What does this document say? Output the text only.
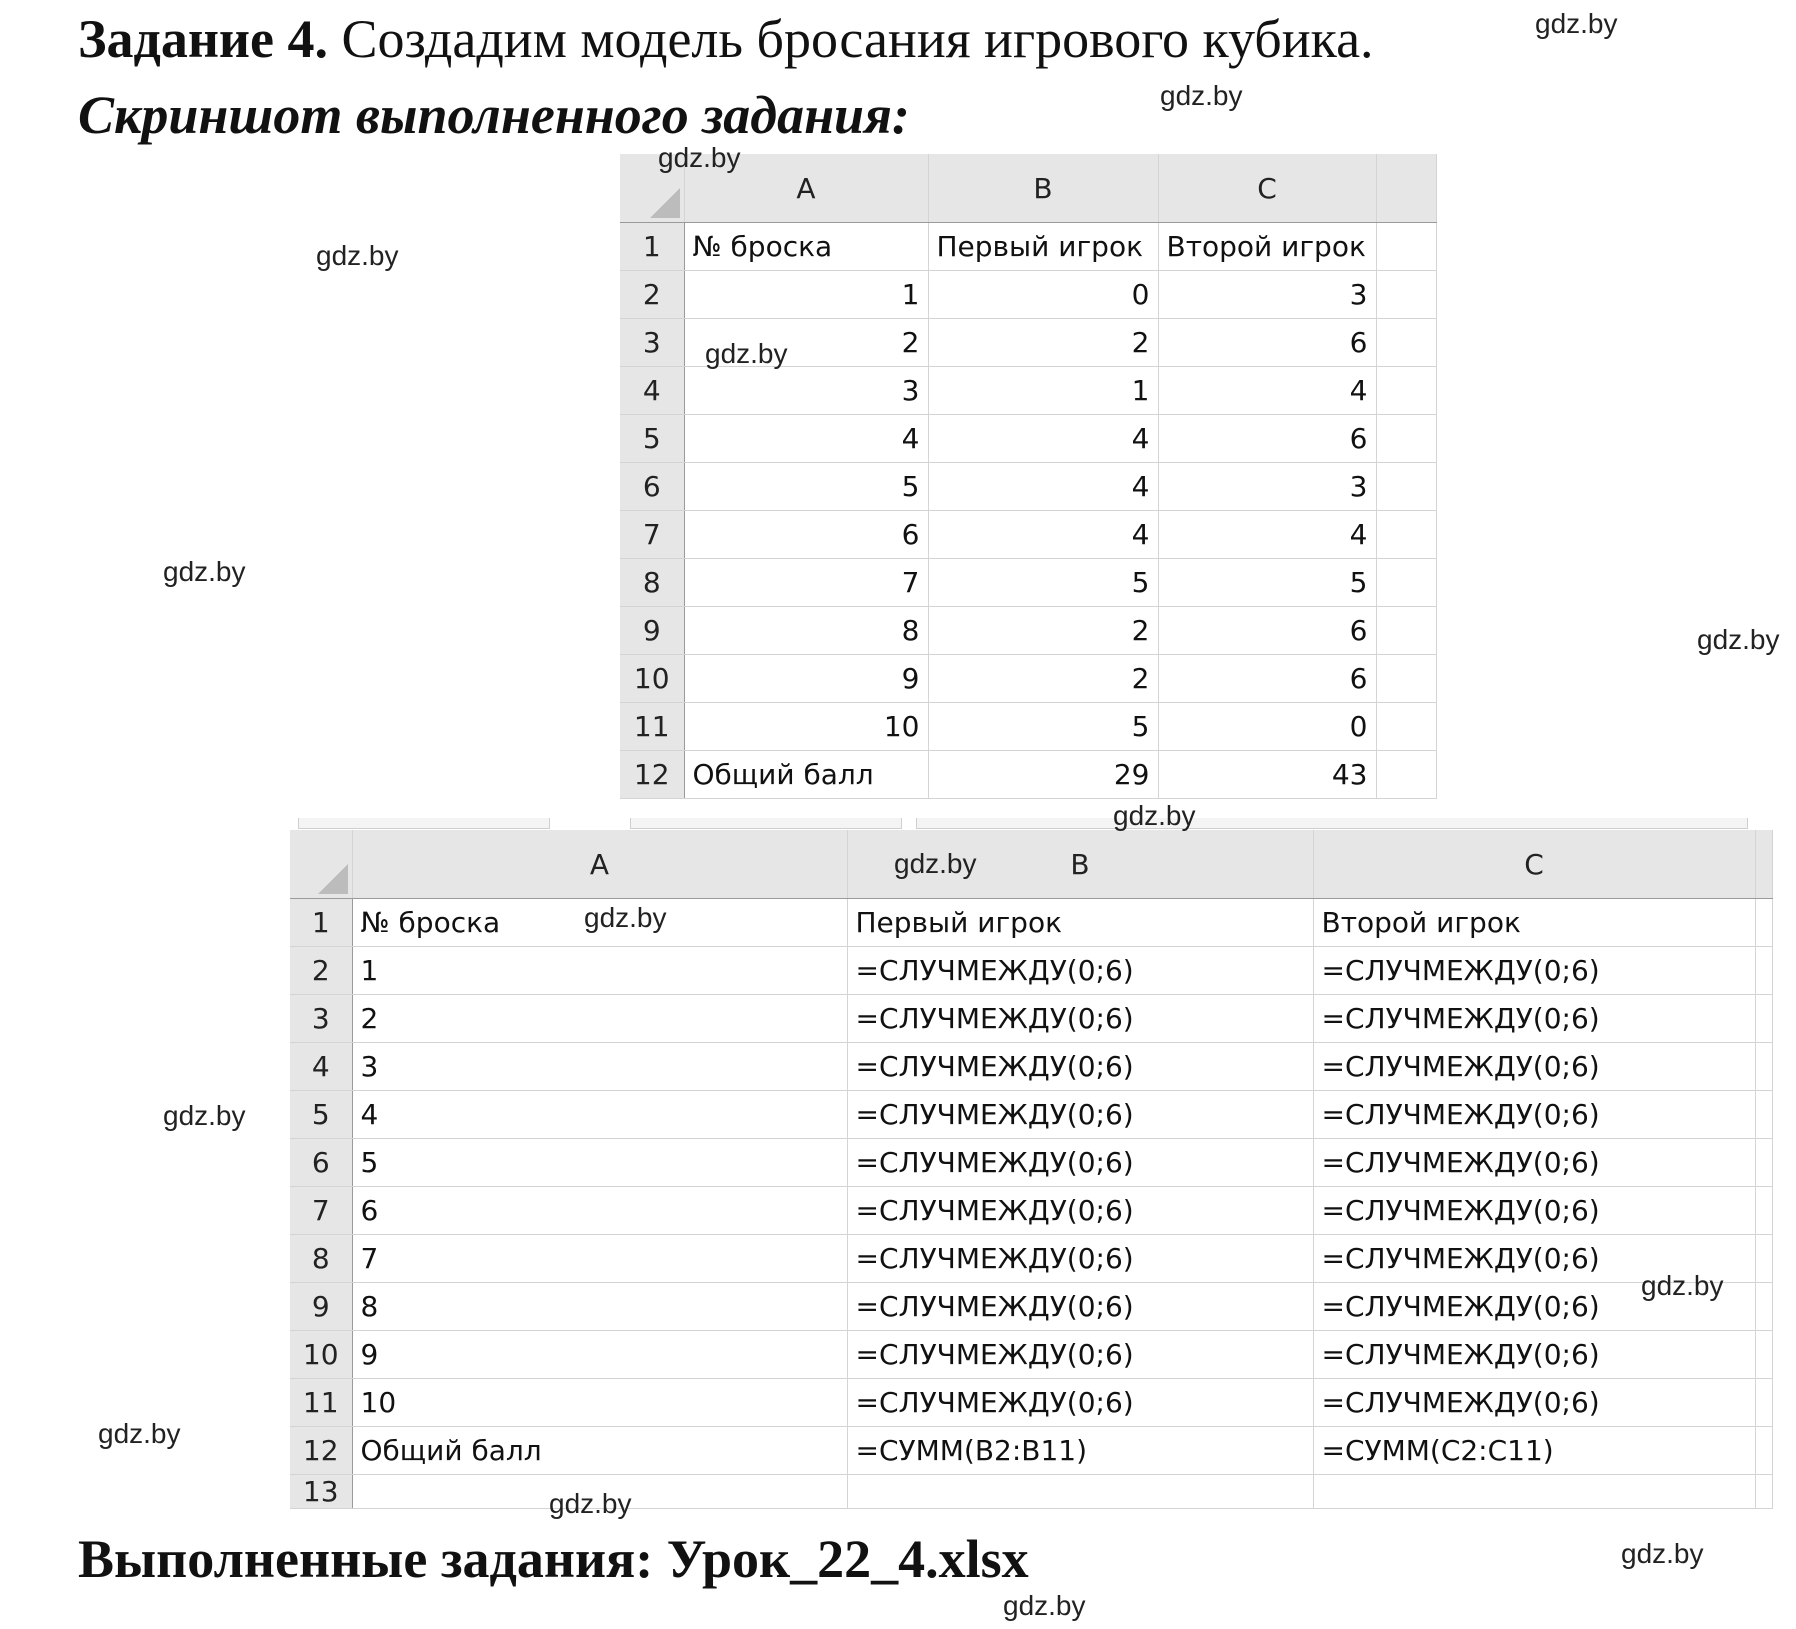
Задание 4. Создадим модель бросания игрового кубика.
Скриншот выполненного задания:
	A	B	C	
1	№ броска	Первый игрок	Второй игрок	
2	1	0	3	
3	2	2	6	
4	3	1	4	
5	4	4	6	
6	5	4	3	
7	6	4	4	
8	7	5	5	
9	8	2	6	
10	9	2	6	
11	10	5	0	
12	Общий балл	29	43	
	A	B	C	
1	№ броска	Первый игрок	Второй игрок	
2	1	=СЛУЧМЕЖДУ(0;6)	=СЛУЧМЕЖДУ(0;6)	
3	2	=СЛУЧМЕЖДУ(0;6)	=СЛУЧМЕЖДУ(0;6)	
4	3	=СЛУЧМЕЖДУ(0;6)	=СЛУЧМЕЖДУ(0;6)	
5	4	=СЛУЧМЕЖДУ(0;6)	=СЛУЧМЕЖДУ(0;6)	
6	5	=СЛУЧМЕЖДУ(0;6)	=СЛУЧМЕЖДУ(0;6)	
7	6	=СЛУЧМЕЖДУ(0;6)	=СЛУЧМЕЖДУ(0;6)	
8	7	=СЛУЧМЕЖДУ(0;6)	=СЛУЧМЕЖДУ(0;6)	
9	8	=СЛУЧМЕЖДУ(0;6)	=СЛУЧМЕЖДУ(0;6)	
10	9	=СЛУЧМЕЖДУ(0;6)	=СЛУЧМЕЖДУ(0;6)	
11	10	=СЛУЧМЕЖДУ(0;6)	=СЛУЧМЕЖДУ(0;6)	
12	Общий балл	=СУММ(B2:B11)	=СУММ(C2:C11)	
13				
Выполненные задания: Урок_22_4.xlsx
gdz.by
gdz.by
gdz.by
gdz.by
gdz.by
gdz.by
gdz.by
gdz.by
gdz.by
gdz.by
gdz.by
gdz.by
gdz.by
gdz.by
gdz.by
gdz.by
